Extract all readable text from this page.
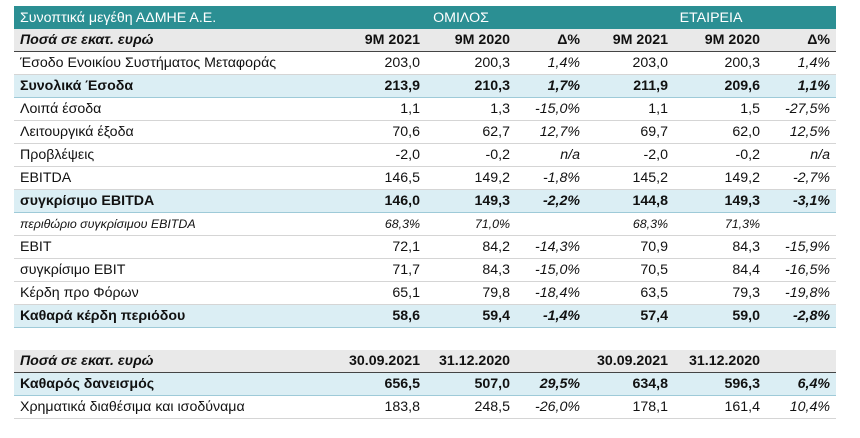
Συνοπτικά μεγέθη ΑΔΜΗΕ Α.Ε.	ΟΜΙΛΟΣ			ΕΤΑΙΡΕΙΑ		
Ποσά σε εκατ. ευρώ	9M 2021	9M 2020	Δ%	9M 2021	9M 2020	Δ%
Έσοδο Ενοικίου Συστήματος Μεταφοράς	203,0	200,3	1,4%	203,0	200,3	1,4%
Συνολικά Έσοδα	213,9	210,3	1,7%	211,9	209,6	1,1%
Λοιπά έσοδα	1,1	1,3	-15,0%	1,1	1,5	-27,5%
Λειτουργικά έξοδα	70,6	62,7	12,7%	69,7	62,0	12,5%
Προβλέψεις	-2,0	-0,2	n/a	-2,0	-0,2	n/a
EBITDA	146,5	149,2	-1,8%	145,2	149,2	-2,7%
συγκρίσιμο EBITDA	146,0	149,3	-2,2%	144,8	149,3	-3,1%
περιθώριο συγκρίσιμου EBITDA	68,3%	71,0%		68,3%	71,3%	
EBIT	72,1	84,2	-14,3%	70,9	84,3	-15,9%
συγκρίσιμο EBIT	71,7	84,3	-15,0%	70,5	84,4	-16,5%
Κέρδη προ Φόρων	65,1	79,8	-18,4%	63,5	79,3	-19,8%
Καθαρά κέρδη περιόδου	58,6	59,4	-1,4%	57,4	59,0	-2,8%

Ποσά σε εκατ. ευρώ	30.09.2021	31.12.2020		30.09.2021	31.12.2020	
Καθαρός δανεισμός	656,5	507,0	29,5%	634,8	596,3	6,4%
Χρηματικά διαθέσιμα και ισοδύναμα	183,8	248,5	-26,0%	178,1	161,4	10,4%
